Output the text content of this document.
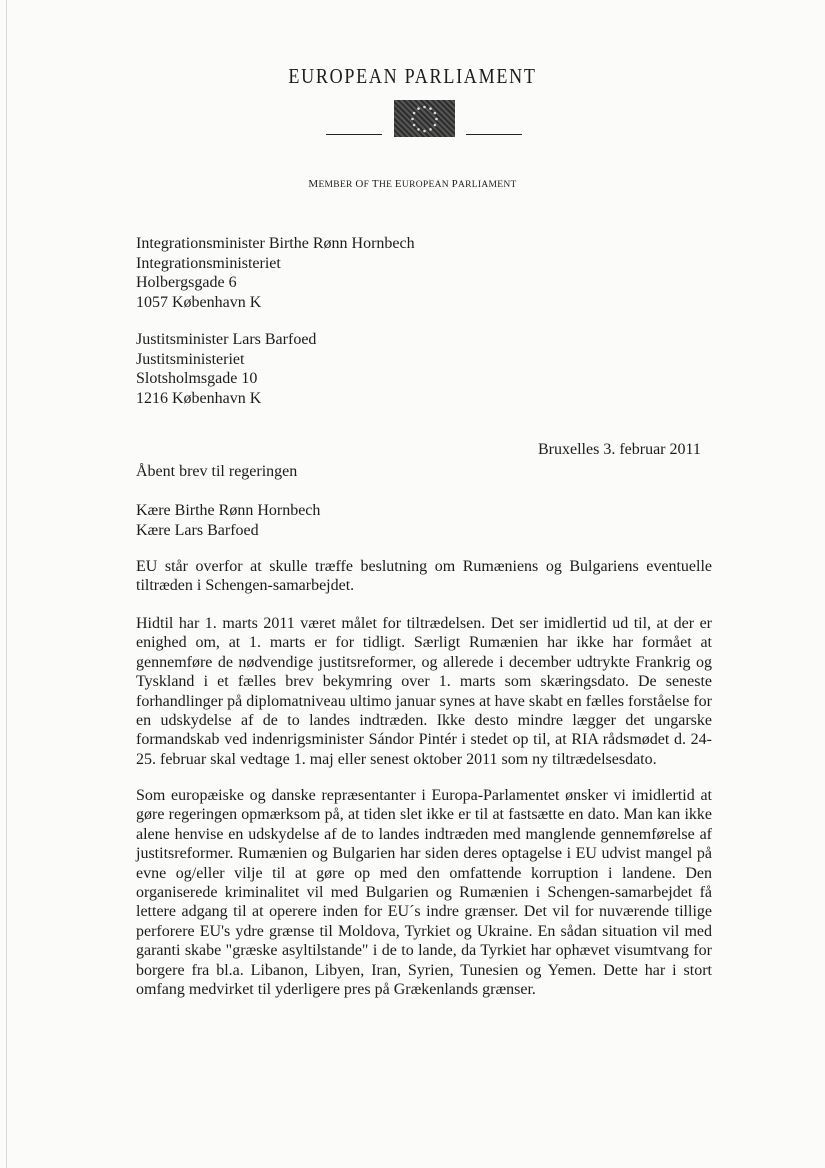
EUROPEAN PARLIAMENT
MEMBER OF THE EUROPEAN PARLIAMENT
Integrationsminister Birthe Rønn Hornbech
Integrationsministeriet
Holbergsgade 6
1057 København K
Justitsminister Lars Barfoed
Justitsministeriet
Slotsholmsgade 10
1216 København K
Bruxelles 3. februar 2011
Åbent brev til regeringen
Kære Birthe Rønn Hornbech
Kære Lars Barfoed
EU står overfor at skulle træffe beslutning om Rumæniens og Bulgariens eventuelle tiltræden i Schengen-samarbejdet.
Hidtil har 1. marts 2011 været målet for tiltrædelsen. Det ser imidlertid ud til, at der er enighed om, at 1. marts er for tidligt. Særligt Rumænien har ikke har formået at gennemføre de nødvendige justitsreformer, og allerede i december udtrykte Frankrig og Tyskland i et fælles brev bekymring over 1. marts som skæringsdato. De seneste forhandlinger på diplomatniveau ultimo januar synes at have skabt en fælles forståelse for en udskydelse af de to landes indtræden. Ikke desto mindre lægger det ungarske formandskab ved indenrigsminister Sándor Pintér i stedet op til, at RIA rådsmødet d. 24-25. februar skal vedtage 1. maj eller senest oktober 2011 som ny tiltrædelsesdato.
Som europæiske og danske repræsentanter i Europa-Parlamentet ønsker vi imidlertid at gøre regeringen opmærksom på, at tiden slet ikke er til at fastsætte en dato. Man kan ikke alene henvise en udskydelse af de to landes indtræden med manglende gennemførelse af justitsreformer. Rumænien og Bulgarien har siden deres optagelse i EU udvist mangel på evne og/eller vilje til at gøre op med den omfattende korruption i landene. Den organiserede kriminalitet vil med Bulgarien og Rumænien i Schengen-samarbejdet få lettere adgang til at operere inden for EU´s indre grænser. Det vil for nuværende tillige perforere EU's ydre grænse til Moldova, Tyrkiet og Ukraine. En sådan situation vil med garanti skabe "græske asyltilstande" i de to lande, da Tyrkiet har ophævet visumtvang for borgere fra bl.a. Libanon, Libyen, Iran, Syrien, Tunesien og Yemen. Dette har i stort omfang medvirket til yderligere pres på Grækenlands grænser.
